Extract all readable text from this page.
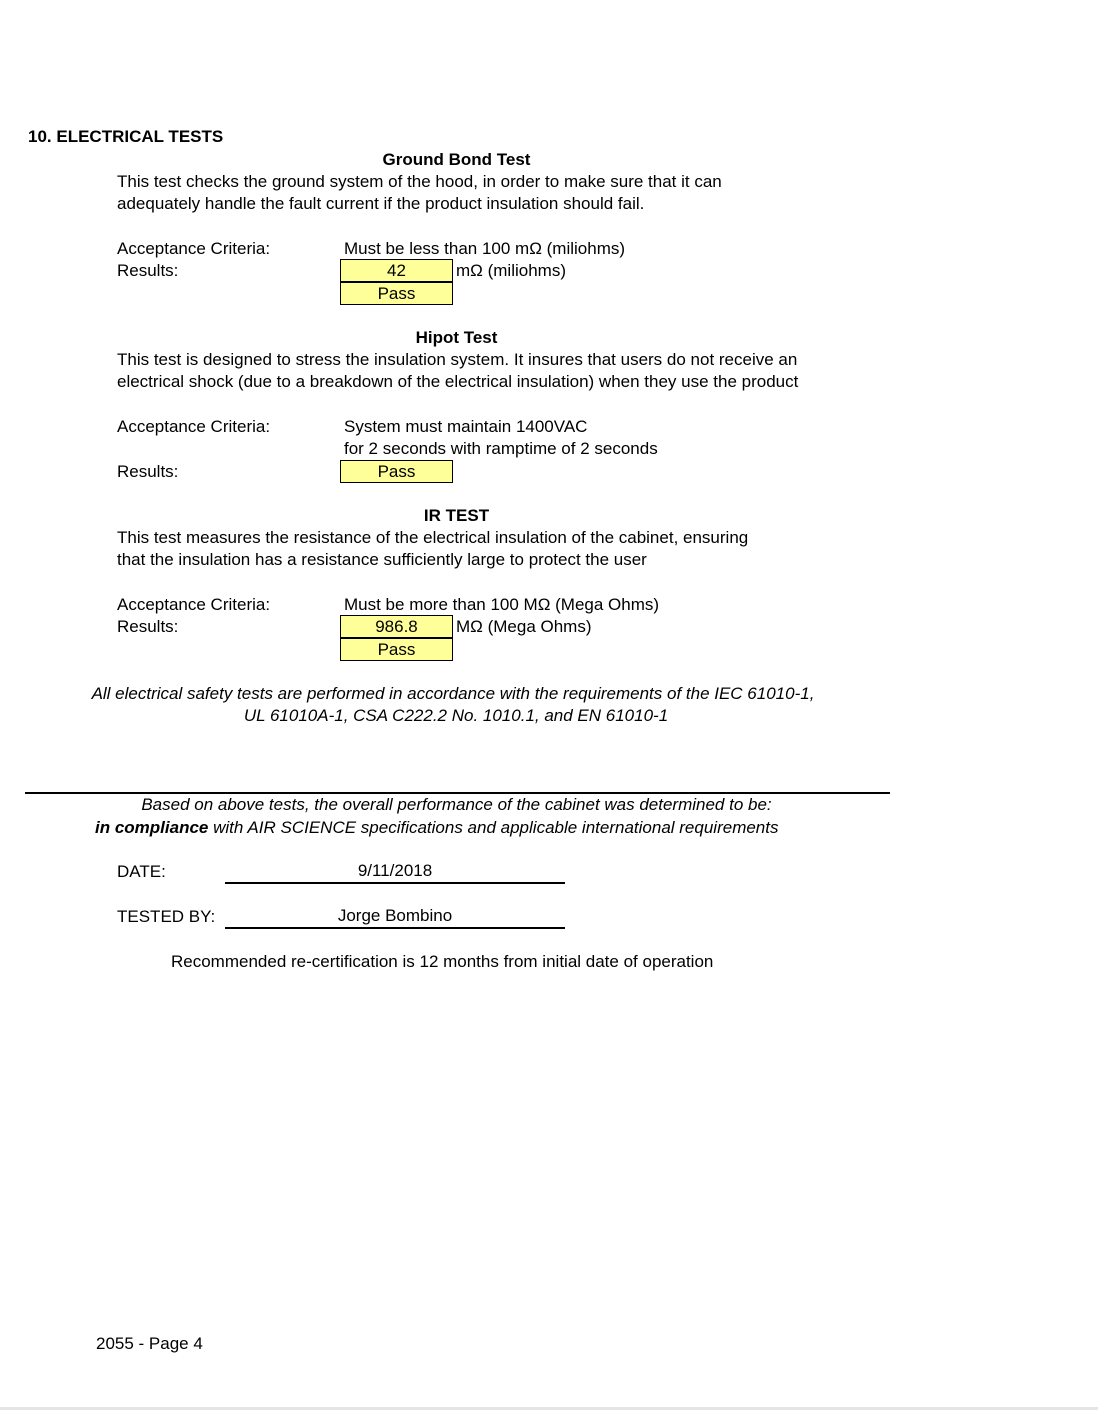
10. ELECTRICAL TESTS
Ground Bond Test
This test checks the ground system of the hood, in order to make sure that it can
adequately handle the fault current if the product insulation should fail.
Acceptance Criteria:	Must be less than 100 mΩ (miliohms)
Results:	42	mΩ (miliohms)
Pass
Hipot Test
This test is designed to stress the insulation system. It insures that users do not receive an
electrical shock (due to a breakdown of the electrical insulation) when they use the product
Acceptance Criteria:	System must maintain 1400VAC
for 2 seconds with ramptime of 2 seconds
Results:	Pass
IR TEST
This test measures the resistance of the electrical insulation of the cabinet, ensuring
that the insulation has a resistance sufficiently large to protect the user
Acceptance Criteria:	Must be more than 100 MΩ (Mega Ohms)
Results:	986.8	MΩ (Mega Ohms)
Pass
All electrical safety tests are performed in accordance with the requirements of the IEC 61010-1,
UL 61010A-1, CSA C222.2 No. 1010.1, and EN 61010-1
Based on above tests, the overall performance of the cabinet was determined to be:
in compliance with AIR SCIENCE specifications and applicable international requirements
DATE:	9/11/2018
TESTED BY:	Jorge Bombino
Recommended re-certification is 12 months from initial date of operation
2055 - Page 4
